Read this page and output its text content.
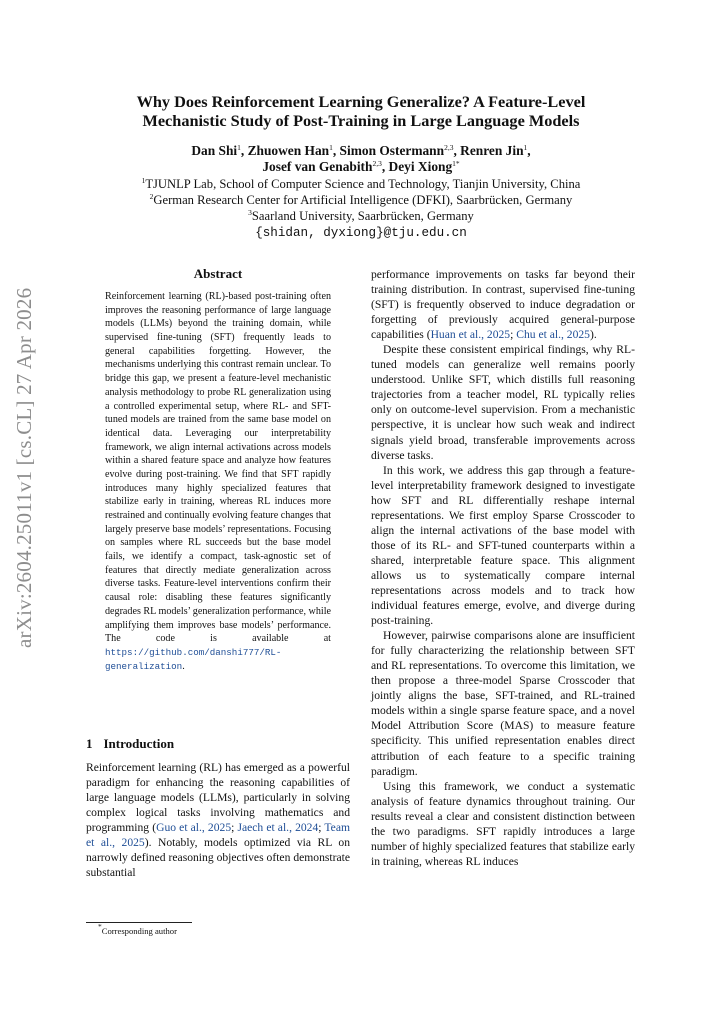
arXiv:2604.25011v1 [cs.CL] 27 Apr 2026
Why Does Reinforcement Learning Generalize? A Feature-Level
Mechanistic Study of Post-Training in Large Language Models
Dan Shi$^1$, Zhuowen Han$^1$, Simon Ostermann$^{2,3}$, Renren Jin$^1$,
Josef van Genabith$^{2,3}$, Deyi Xiong$^{1*}$
$^1$TJUNLP Lab, School of Computer Science and Technology, Tianjin University, China
$^2$German Research Center for Artificial Intelligence (DFKI), Saarbrücken, Germany
$^3$Saarland University, Saarbrücken, Germany
{shidan, dyxiong}@tju.edu.cn
Abstract
Reinforcement learning (RL)-based post-training often improves the reasoning performance of large language models (LLMs) beyond the training domain, while supervised fine-tuning (SFT) frequently leads to general capabilities forgetting. However, the mechanisms underlying this contrast remain unclear. To bridge this gap, we present a feature-level mechanistic analysis methodology to probe RL generalization using a controlled experimental setup, where RL- and SFT-tuned models are trained from the same base model on identical data. Leveraging our interpretability framework, we align internal activations across models within a shared feature space and analyze how features evolve during post-training. We find that SFT rapidly introduces many highly specialized features that stabilize early in training, whereas RL induces more restrained and continually evolving feature changes that largely preserve base models’ representations. Focusing on samples where RL succeeds but the base model fails, we identify a compact, task-agnostic set of features that directly mediate generalization across diverse tasks. Feature-level interventions confirm their causal role: disabling these features significantly degrades RL models’ generalization performance, while amplifying them improves base models’ performance. The code is available at https://github.com/danshi777/RL-generalization.
1 Introduction

Reinforcement learning (RL) has emerged as a powerful paradigm for enhancing the reasoning capabilities of large language models (LLMs), particularly in solving complex logical tasks involving mathematics and programming (Guo et al., 2025; Jaech et al., 2024; Team et al., 2025). Notably, models optimized via RL on narrowly defined reasoning objectives often demonstrate substantial

performance improvements on tasks far beyond their training distribution. In contrast, supervised fine-tuning (SFT) is frequently observed to induce degradation or forgetting of previously acquired general-purpose capabilities (Huan et al., 2025; Chu et al., 2025).

Despite these consistent empirical findings, why RL-tuned models can generalize well remains poorly understood. Unlike SFT, which distills full reasoning trajectories from a teacher model, RL typically relies only on outcome-level supervision. From a mechanistic perspective, it is unclear how such weak and indirect signals yield broad, transferable improvements across diverse tasks.

In this work, we address this gap through a feature-level interpretability framework designed to investigate how SFT and RL differentially reshape internal representations. We first employ Sparse Crosscoder to align the internal activations of the base model with those of its RL- and SFT-tuned counterparts within a shared, interpretable feature space. This alignment allows us to systematically compare internal representations across models and to track how individual features emerge, evolve, and diverge during post-training.

However, pairwise comparisons alone are insufficient for fully characterizing the relationship between SFT and RL representations. To overcome this limitation, we then propose a three-model Sparse Crosscoder that jointly aligns the base, SFT-trained, and RL-trained models within a single sparse feature space, and a novel Model Attribution Score (MAS) to measure feature specificity. This unified representation enables direct attribution of each feature to a specific training paradigm.

Using this framework, we conduct a systematic analysis of feature dynamics throughout training. Our results reveal a clear and consistent distinction between the two paradigms. SFT rapidly introduces a large number of highly specialized features that stabilize early in training, whereas RL induces

*Corresponding author
